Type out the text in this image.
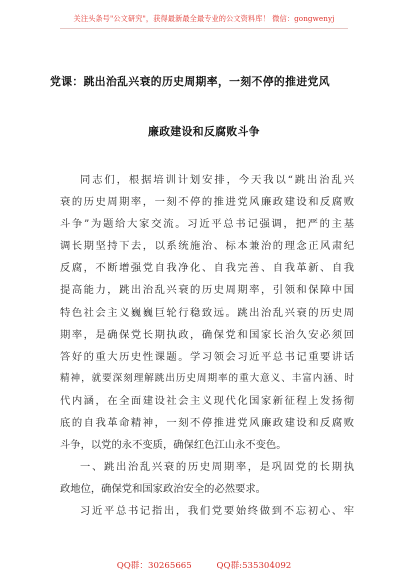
关注头条号"公文研究"，获得最新最全最专业的公文资料库！ 微信：gongwenyj
党课：跳出治乱兴衰的历史周期率，一刻不停的推进党风
廉政建设和反腐败斗争
同志们，根据培训计划安排，今天我以“跳出治乱兴
衰的历史周期率，一刻不停的推进党风廉政建设和反腐败
斗争”为题给大家交流。习近平总书记强调，把严的主基
调长期坚持下去，以系统施治、标本兼治的理念正风肃纪
反腐，不断增强党自我净化、自我完善、自我革新、自我
提高能力，跳出治乱兴衰的历史周期率，引领和保障中国
特色社会主义巍巍巨轮行稳致远。跳出治乱兴衰的历史周
期率，是确保党长期执政，确保党和国家长治久安必须回
答好的重大历史性课题。学习领会习近平总书记重要讲话
精神，就要深刻理解跳出历史周期率的重大意义、丰富内涵、时
代内涵，在全面建设社会主义现代化国家新征程上发扬彻
底的自我革命精神，一刻不停推进党风廉政建设和反腐败
斗争，以党的永不变质，确保红色江山永不变色。
一、跳出治乱兴衰的历史周期率，是巩固党的长期执
政地位，确保党和国家政治安全的必然要求。
习近平总书记指出，我们党要始终做到不忘初心、牢
QQ群：30265665	QQ群:535304092
